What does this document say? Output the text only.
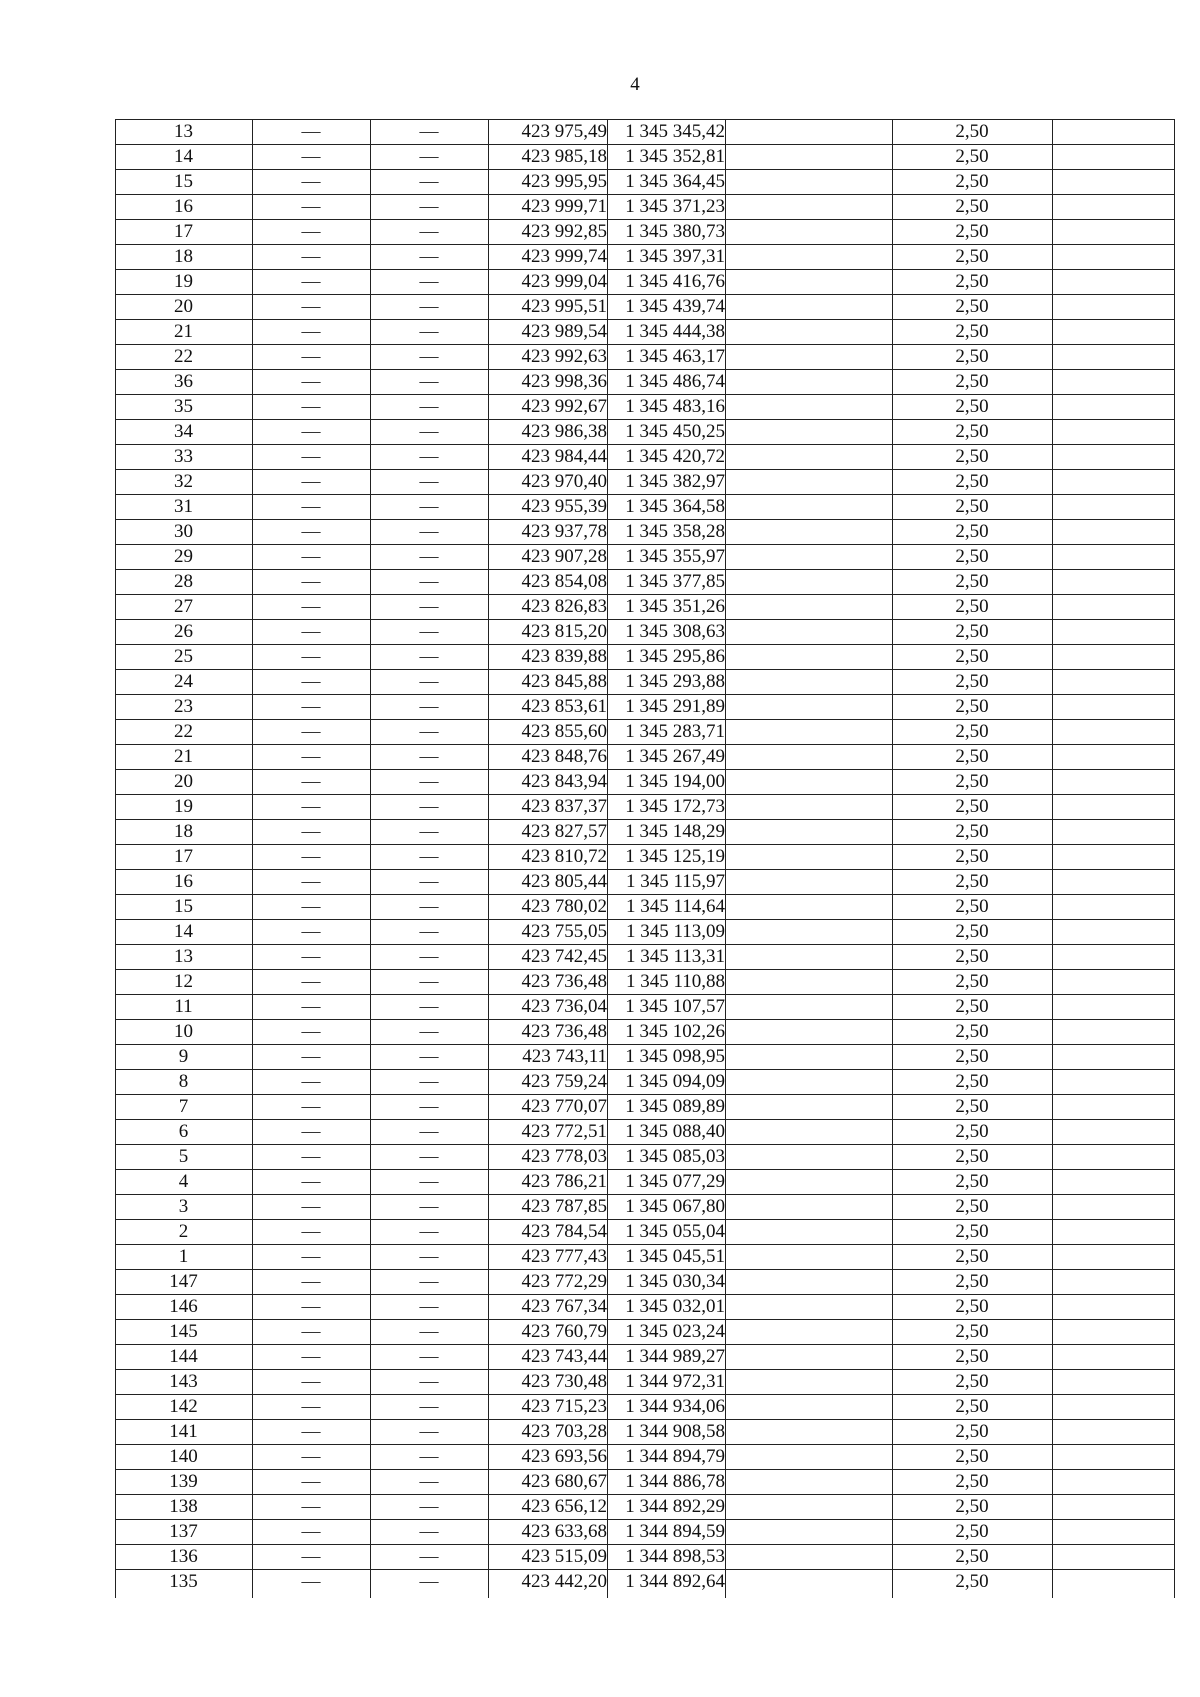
4
13	—	—	423 975,49	1 345 345,42		2,50	
14	—	—	423 985,18	1 345 352,81		2,50	
15	—	—	423 995,95	1 345 364,45		2,50	
16	—	—	423 999,71	1 345 371,23		2,50	
17	—	—	423 992,85	1 345 380,73		2,50	
18	—	—	423 999,74	1 345 397,31		2,50	
19	—	—	423 999,04	1 345 416,76		2,50	
20	—	—	423 995,51	1 345 439,74		2,50	
21	—	—	423 989,54	1 345 444,38		2,50	
22	—	—	423 992,63	1 345 463,17		2,50	
36	—	—	423 998,36	1 345 486,74		2,50	
35	—	—	423 992,67	1 345 483,16		2,50	
34	—	—	423 986,38	1 345 450,25		2,50	
33	—	—	423 984,44	1 345 420,72		2,50	
32	—	—	423 970,40	1 345 382,97		2,50	
31	—	—	423 955,39	1 345 364,58		2,50	
30	—	—	423 937,78	1 345 358,28		2,50	
29	—	—	423 907,28	1 345 355,97		2,50	
28	—	—	423 854,08	1 345 377,85		2,50	
27	—	—	423 826,83	1 345 351,26		2,50	
26	—	—	423 815,20	1 345 308,63		2,50	
25	—	—	423 839,88	1 345 295,86		2,50	
24	—	—	423 845,88	1 345 293,88		2,50	
23	—	—	423 853,61	1 345 291,89		2,50	
22	—	—	423 855,60	1 345 283,71		2,50	
21	—	—	423 848,76	1 345 267,49		2,50	
20	—	—	423 843,94	1 345 194,00		2,50	
19	—	—	423 837,37	1 345 172,73		2,50	
18	—	—	423 827,57	1 345 148,29		2,50	
17	—	—	423 810,72	1 345 125,19		2,50	
16	—	—	423 805,44	1 345 115,97		2,50	
15	—	—	423 780,02	1 345 114,64		2,50	
14	—	—	423 755,05	1 345 113,09		2,50	
13	—	—	423 742,45	1 345 113,31		2,50	
12	—	—	423 736,48	1 345 110,88		2,50	
11	—	—	423 736,04	1 345 107,57		2,50	
10	—	—	423 736,48	1 345 102,26		2,50	
9	—	—	423 743,11	1 345 098,95		2,50	
8	—	—	423 759,24	1 345 094,09		2,50	
7	—	—	423 770,07	1 345 089,89		2,50	
6	—	—	423 772,51	1 345 088,40		2,50	
5	—	—	423 778,03	1 345 085,03		2,50	
4	—	—	423 786,21	1 345 077,29		2,50	
3	—	—	423 787,85	1 345 067,80		2,50	
2	—	—	423 784,54	1 345 055,04		2,50	
1	—	—	423 777,43	1 345 045,51		2,50	
147	—	—	423 772,29	1 345 030,34		2,50	
146	—	—	423 767,34	1 345 032,01		2,50	
145	—	—	423 760,79	1 345 023,24		2,50	
144	—	—	423 743,44	1 344 989,27		2,50	
143	—	—	423 730,48	1 344 972,31		2,50	
142	—	—	423 715,23	1 344 934,06		2,50	
141	—	—	423 703,28	1 344 908,58		2,50	
140	—	—	423 693,56	1 344 894,79		2,50	
139	—	—	423 680,67	1 344 886,78		2,50	
138	—	—	423 656,12	1 344 892,29		2,50	
137	—	—	423 633,68	1 344 894,59		2,50	
136	—	—	423 515,09	1 344 898,53		2,50	
135	—	—	423 442,20	1 344 892,64		2,50	
